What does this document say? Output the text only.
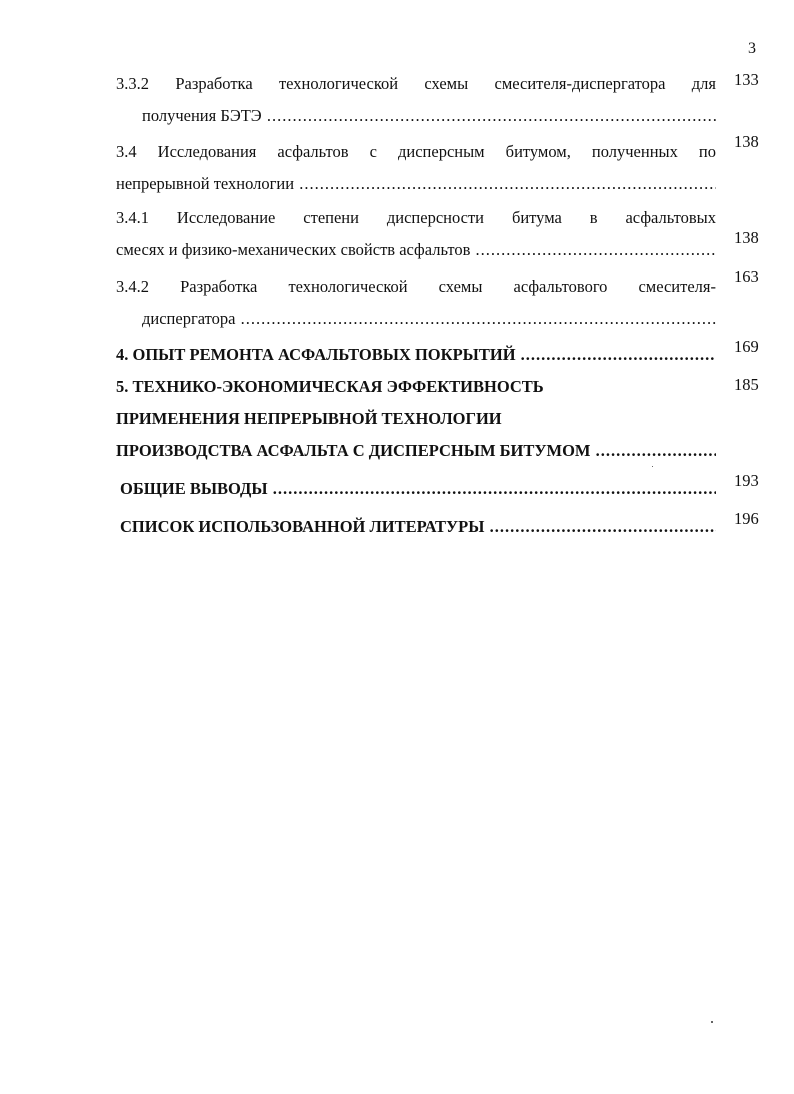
3
3.3.2 Разработка технологической схемы смесителя-диспергатора для
получения БЭТЭ .....
133
3.4 Исследования асфальтов с дисперсным битумом, полученных по
непрерывной технологии .....
138
3.4.1 Исследование степени дисперсности битума в асфальтовых
смесях и физико-механических свойств асфальтов .....
138
3.4.2 Разработка технологической схемы асфальтового смесителя-
диспергатора .....
163
4. ОПЫТ РЕМОНТА АСФАЛЬТОВЫХ ПОКРЫТИЙ .....	169
5. ТЕХНИКО-ЭКОНОМИЧЕСКАЯ ЭФФЕКТИВНОСТЬ
ПРИМЕНЕНИЯ НЕПРЕРЫВНОЙ ТЕХНОЛОГИИ
ПРОИЗВОДСТВА АСФАЛЬТА С ДИСПЕРСНЫМ БИТУМОМ .....
185
ОБЩИЕ ВЫВОДЫ .....	193
СПИСОК ИСПОЛЬЗОВАННОЙ ЛИТЕРАТУРЫ .....	196
